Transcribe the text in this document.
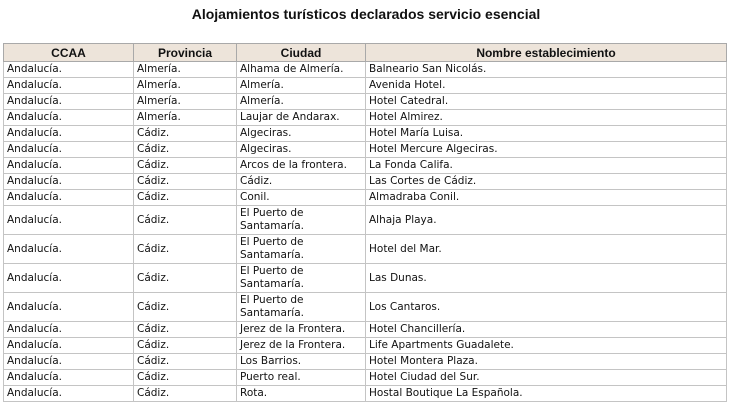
Alojamientos turísticos declarados servicio esencial
CCAA	Provincia	Ciudad	Nombre establecimiento
Andalucía.	Almería.	Alhama de Almería.	Balneario San Nicolás.
Andalucía.	Almería.	Almería.	Avenida Hotel.
Andalucía.	Almería.	Almería.	Hotel Catedral.
Andalucía.	Almería.	Laujar de Andarax.	Hotel Almirez.
Andalucía.	Cádiz.	Algeciras.	Hotel María Luisa.
Andalucía.	Cádiz.	Algeciras.	Hotel Mercure Algeciras.
Andalucía.	Cádiz.	Arcos de la frontera.	La Fonda Califa.
Andalucía.	Cádiz.	Cádiz.	Las Cortes de Cádiz.
Andalucía.	Cádiz.	Conil.	Almadraba Conil.
Andalucía.	Cádiz.	El Puerto de Santamaría.	Alhaja Playa.
Andalucía.	Cádiz.	El Puerto de Santamaría.	Hotel del Mar.
Andalucía.	Cádiz.	El Puerto de Santamaría.	Las Dunas.
Andalucía.	Cádiz.	El Puerto de Santamaría.	Los Cantaros.
Andalucía.	Cádiz.	Jerez de la Frontera.	Hotel Chancillería.
Andalucía.	Cádiz.	Jerez de la Frontera.	Life Apartments Guadalete.
Andalucía.	Cádiz.	Los Barrios.	Hotel Montera Plaza.
Andalucía.	Cádiz.	Puerto real.	Hotel Ciudad del Sur.
Andalucía.	Cádiz.	Rota.	Hostal Boutique La Española.
